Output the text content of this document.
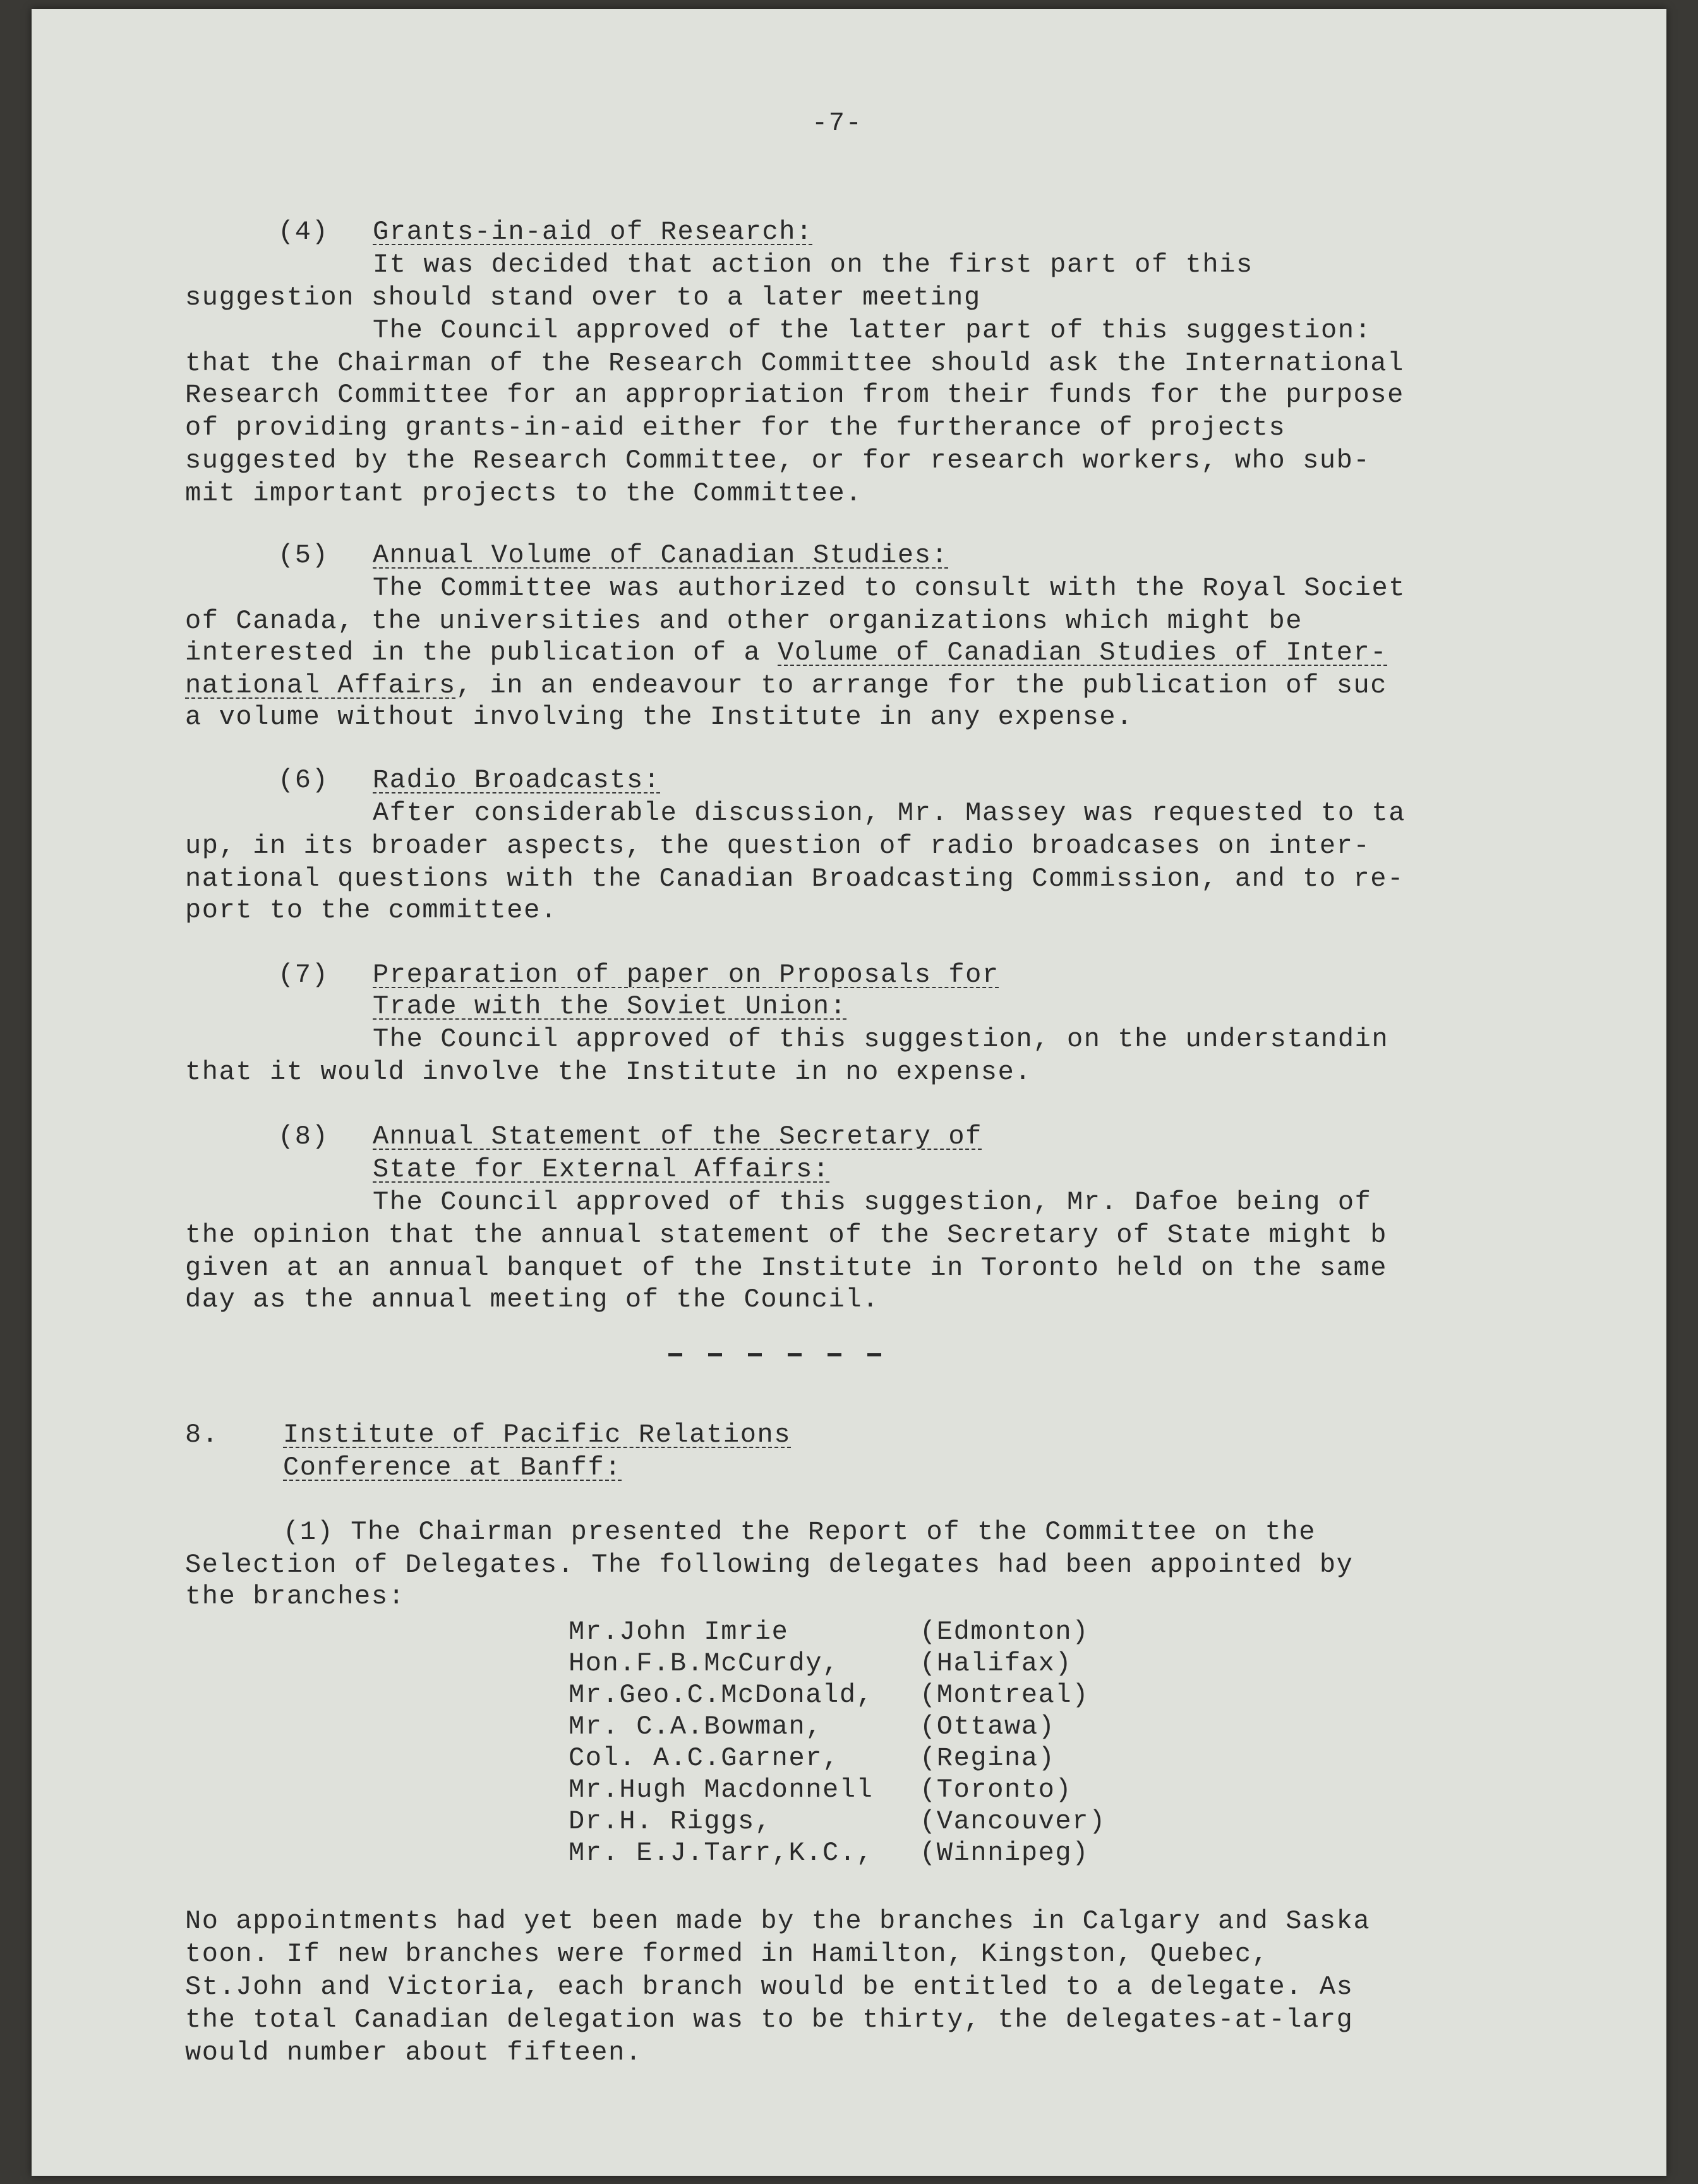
-7-
(4) Grants-in-aid of Research:
It was decided that action on the first part of this
suggestion should stand over to a later meeting
The Council approved of the latter part of this suggestion:
that the Chairman of the Research Committee should ask the International
Research Committee for an appropriation from their funds for the purpose
of providing grants-in-aid either for the furtherance of projects
suggested by the Research Committee, or for research workers, who sub-
mit important projects to the Committee.
(5) Annual Volume of Canadian Studies:
The Committee was authorized to consult with the Royal Societ
of Canada, the universities and other organizations which might be
interested in the publication of a Volume of Canadian Studies of Inter-
national Affairs, in an endeavour to arrange for the publication of suc
a volume without involving the Institute in any expense.
(6) Radio Broadcasts:
After considerable discussion, Mr. Massey was requested to ta
up, in its broader aspects, the question of radio broadcases on inter-
national questions with the Canadian Broadcasting Commission, and to re-
port to the committee.
(7) Preparation of paper on Proposals for
Trade with the Soviet Union:
The Council approved of this suggestion, on the understandin
that it would involve the Institute in no expense.
(8) Annual Statement of the Secretary of
State for External Affairs:
The Council approved of this suggestion, Mr. Dafoe being of
the opinion that the annual statement of the Secretary of State might b
given at an annual banquet of the Institute in Toronto held on the same
day as the annual meeting of the Council.
8. Institute of Pacific Relations
Conference at Banff:
(1) The Chairman presented the Report of the Committee on the
Selection of Delegates. The following delegates had been appointed by
the branches:
Mr.John Imrie	(Edmonton)
Hon.F.B.McCurdy,	(Halifax)
Mr.Geo.C.McDonald, (Montreal)
Mr. C.A.Bowman,	(Ottawa)
Col. A.C.Garner,	(Regina)
Mr.Hugh Macdonnell (Toronto)
Dr.H. Riggs,	(Vancouver)
Mr. E.J.Tarr,K.C., (Winnipeg)
No appointments had yet been made by the branches in Calgary and Saska
toon. If new branches were formed in Hamilton, Kingston, Quebec,
St.John and Victoria, each branch would be entitled to a delegate. As
the total Canadian delegation was to be thirty, the delegates-at-larg
would number about fifteen.
